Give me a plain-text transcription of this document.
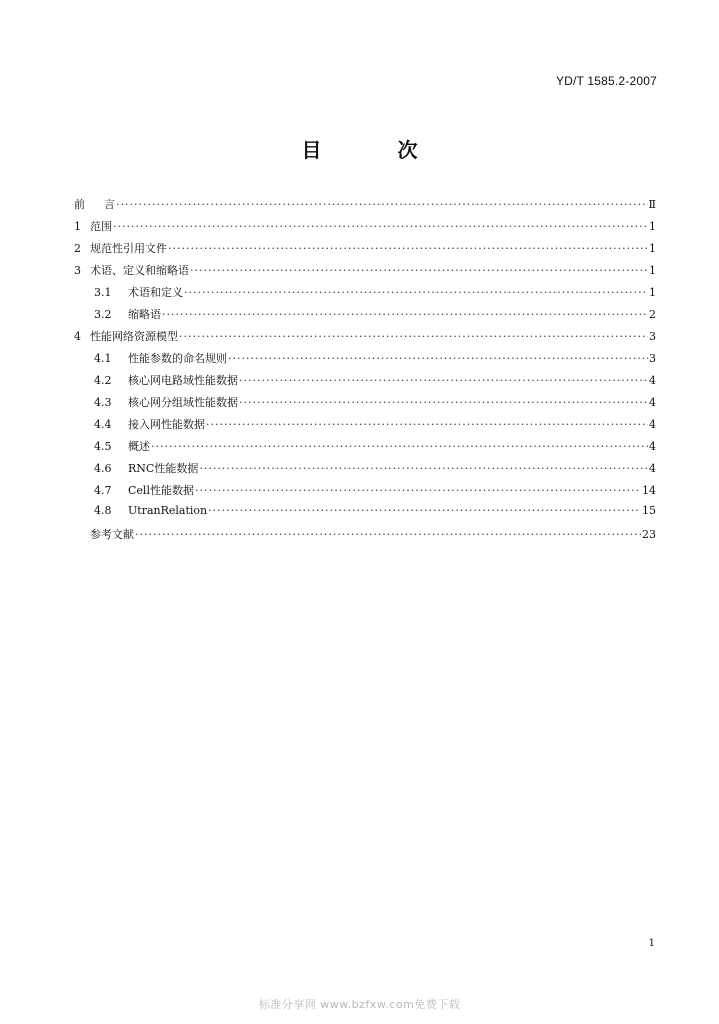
YD/T 1585.2-2007
目 次
前	言 ·····	Ⅱ
1 范围 ·····	1
2 规范性引用文件 ·····	1
3 术语、定义和缩略语 ·····	1
3.1	术语和定义 ·····	1
3.2	缩略语 ·····	2
4 性能网络资源模型 ·····	3
4.1	性能参数的命名规则 ·····	3
4.2	核心网电路域性能数据 ·····	4
4.3	核心网分组域性能数据 ·····	4
4.4	接入网性能数据 ·····	4
4.5	概述 ·····	4
4.6	RNC性能数据 ·····	4
4.7	Cell性能数据 ·····	14
4.8	UtranRelation ·····	15
参考文献 ·····	23
1
标准分享网 www.bzfxw.com免费下载
